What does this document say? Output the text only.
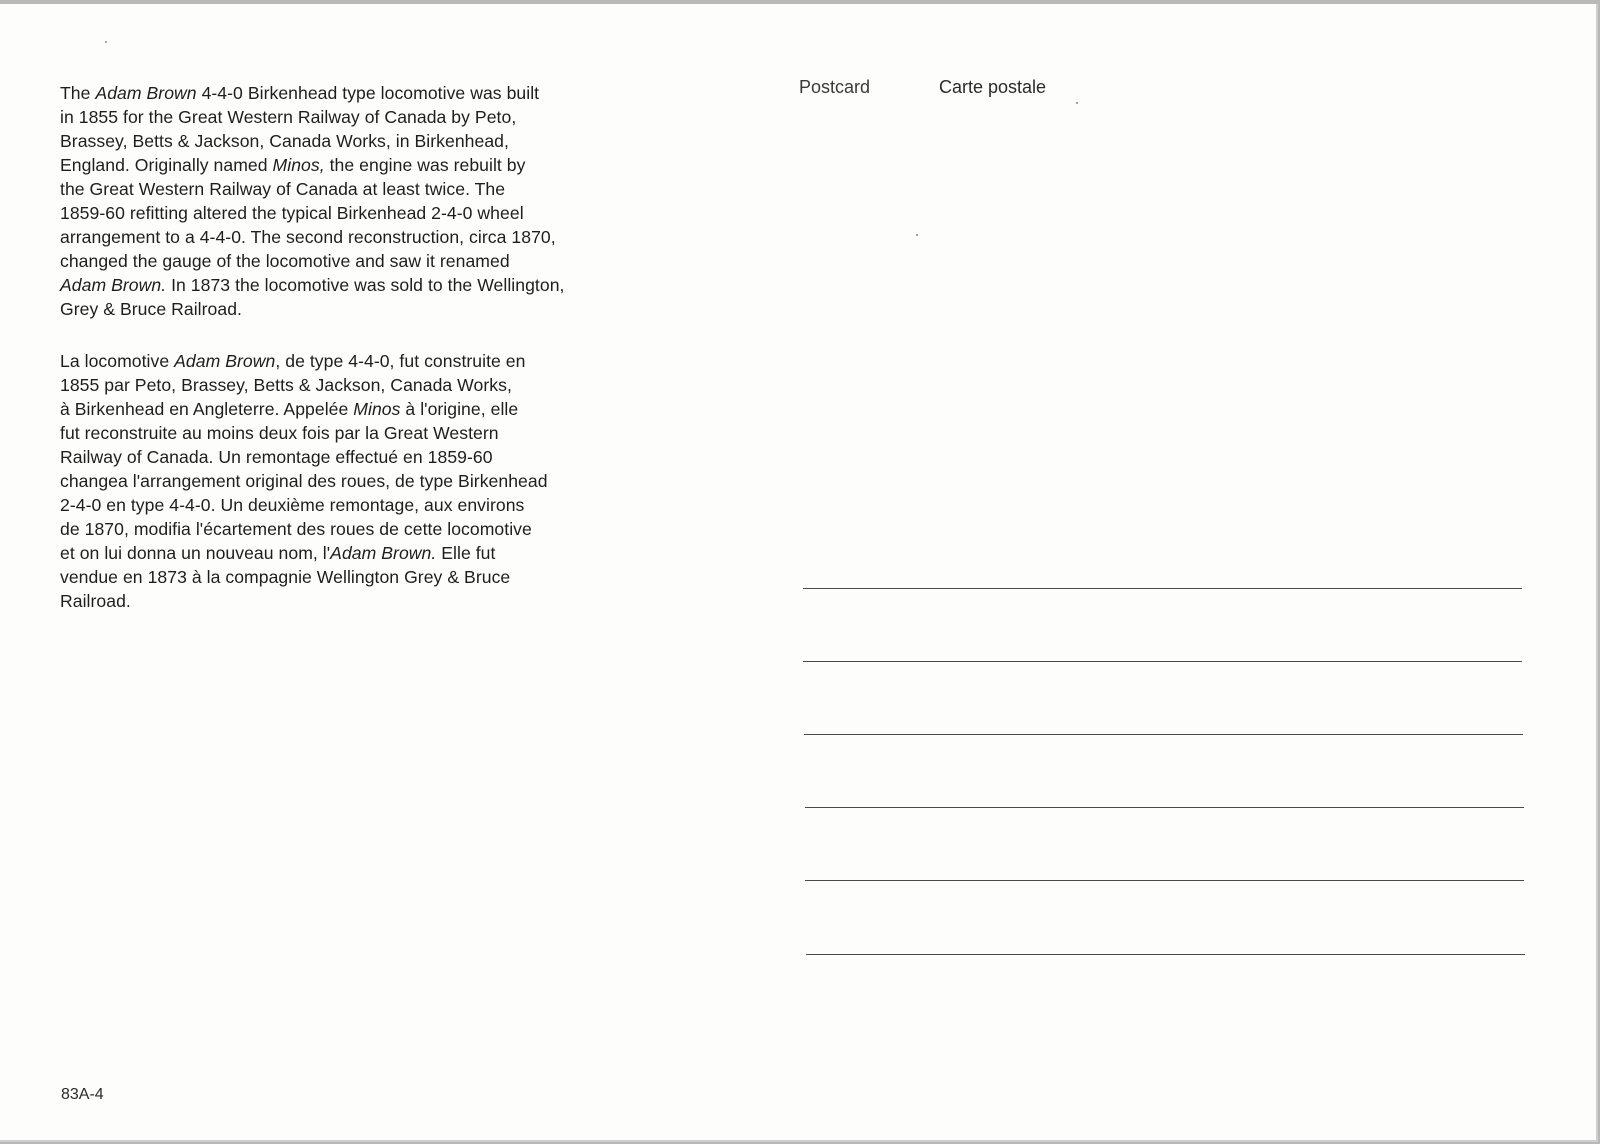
The Adam Brown 4-4-0 Birkenhead type locomotive was built
in 1855 for the Great Western Railway of Canada by Peto,
Brassey, Betts & Jackson, Canada Works, in Birkenhead,
England. Originally named Minos, the engine was rebuilt by
the Great Western Railway of Canada at least twice. The
1859-60 refitting altered the typical Birkenhead 2-4-0 wheel
arrangement to a 4-4-0. The second reconstruction, circa 1870,
changed the gauge of the locomotive and saw it renamed
Adam Brown. In 1873 the locomotive was sold to the Wellington,
Grey & Bruce Railroad.
La locomotive Adam Brown, de type 4-4-0, fut construite en
1855 par Peto, Brassey, Betts & Jackson, Canada Works,
à Birkenhead en Angleterre. Appelée Minos à l'origine, elle
fut reconstruite au moins deux fois par la Great Western
Railway of Canada. Un remontage effectué en 1859-60
changea l'arrangement original des roues, de type Birkenhead
2-4-0 en type 4-4-0. Un deuxième remontage, aux environs
de 1870, modifia l'écartement des roues de cette locomotive
et on lui donna un nouveau nom, l'Adam Brown. Elle fut
vendue en 1873 à la compagnie Wellington Grey & Bruce
Railroad.
Postcard	Carte postale
83A-4
